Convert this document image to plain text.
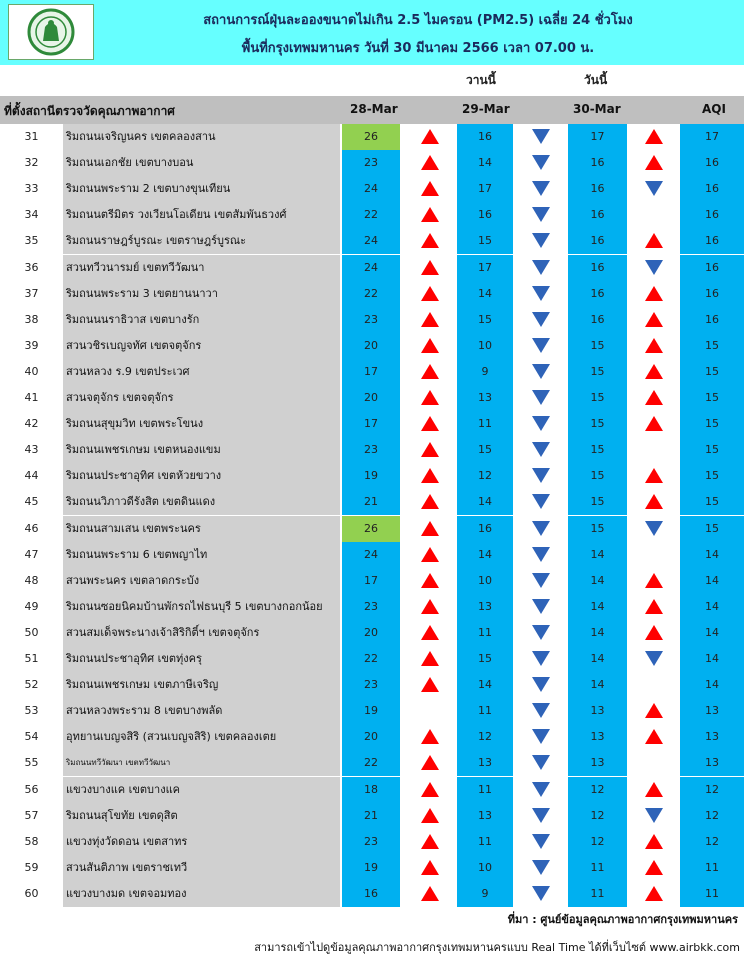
สถานการณ์ฝุ่นละอองขนาดไม่เกิน 2.5 ไมครอน (PM2.5) เฉลี่ย 24 ชั่วโมง
พื้นที่กรุงเทพมหานคร วันที่ 30 มีนาคม 2566 เวลา 07.00 น.
วานนี้	วันนี้
ที่ตั้งสถานีตรวจวัดคุณภาพอากาศ	28-Mar	29-Mar	30-Mar	AQI
31	ริมถนนเจริญนคร เขตคลองสาน	26	16	17	17
32	ริมถนนเอกชัย เขตบางบอน	23	14	16	16
33	ริมถนนพระราม 2 เขตบางขุนเทียน	24	17	16	16
34	ริมถนนตรีมิตร วงเวียนโอเดียน เขตสัมพันธวงศ์	22	16	16	16
35	ริมถนนราษฎร์บูรณะ เขตราษฎร์บูรณะ	24	15	16	16
36	สวนทวีวนารมย์ เขตทวีวัฒนา	24	17	16	16
37	ริมถนนพระราม 3 เขตยานนาวา	22	14	16	16
38	ริมถนนนราธิวาส เขตบางรัก	23	15	16	16
39	สวนวชิรเบญจทัศ เขตจตุจักร	20	10	15	15
40	สวนหลวง ร.9 เขตประเวศ	17	9	15	15
41	สวนจตุจักร เขตจตุจักร	20	13	15	15
42	ริมถนนสุขุมวิท เขตพระโขนง	17	11	15	15
43	ริมถนนเพชรเกษม เขตหนองแขม	23	15	15	15
44	ริมถนนประชาอุทิศ เขตห้วยขวาง	19	12	15	15
45	ริมถนนวิภาวดีรังสิต เขตดินแดง	21	14	15	15
46	ริมถนนสามเสน เขตพระนคร	26	16	15	15
47	ริมถนนพระราม 6 เขตพญาไท	24	14	14	14
48	สวนพระนคร เขตลาดกระบัง	17	10	14	14
49	ริมถนนซอยนิคมบ้านพักรถไฟธนบุรี 5 เขตบางกอกน้อย	23	13	14	14
50	สวนสมเด็จพระนางเจ้าสิริกิติ์ฯ เขตจตุจักร	20	11	14	14
51	ริมถนนประชาอุทิศ เขตทุ่งครุ	22	15	14	14
52	ริมถนนเพชรเกษม เขตภาษีเจริญ	23	14	14	14
53	สวนหลวงพระราม 8 เขตบางพลัด	19	11	13	13
54	อุทยานเบญจสิริ (สวนเบญจสิริ) เขตคลองเตย	20	12	13	13
55	ริมถนนทวีวัฒนา เขตทวีวัฒนา	22	13	13	13
56	แขวงบางแค เขตบางแค	18	11	12	12
57	ริมถนนสุโขทัย เขตดุสิต	21	13	12	12
58	แขวงทุ่งวัดดอน เขตสาทร	23	11	12	12
59	สวนสันติภาพ เขตราชเทวี	19	10	11	11
60	แขวงบางมด เขตจอมทอง	16	9	11	11
ที่มา : ศูนย์ข้อมูลคุณภาพอากาศกรุงเทพมหานคร
สามารถเข้าไปดูข้อมูลคุณภาพอากาศกรุงเทพมหานครแบบ Real Time ได้ที่เว็บไซต์ www.airbkk.com
